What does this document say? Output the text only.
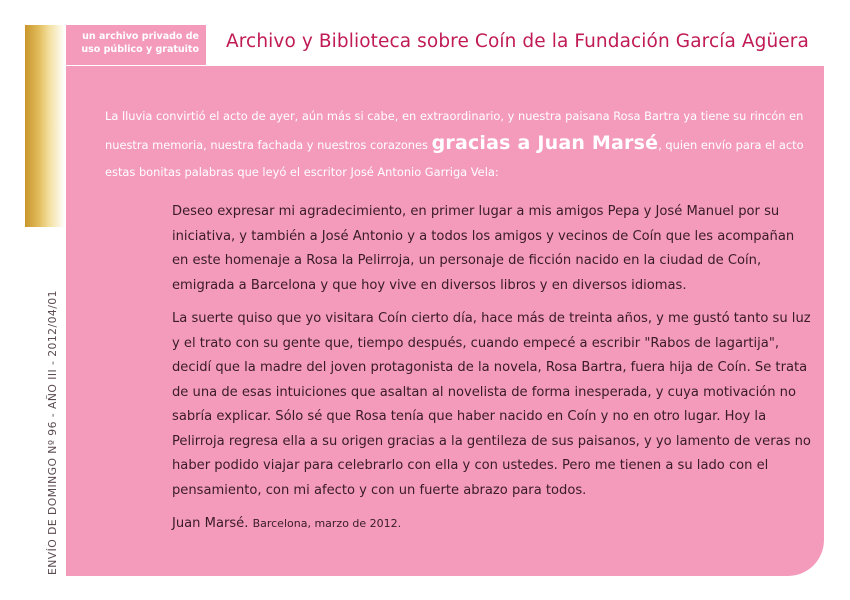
un archivo privado de
uso público y gratuito Archivo y Biblioteca sobre Coín de la Fundación García Agüera

La lluvia convirtió el acto de ayer, aún más si cabe, en extraordinario, y nuestra paisana Rosa Bartra ya tiene su rincón en nuestra memoria, nuestra fachada y nuestros corazones gracias a Juan Marsé, quien envío para el acto estas bonitas palabras que leyó el escritor José Antonio Garriga Vela:

Deseo expresar mi agradecimiento, en primer lugar a mis amigos Pepa y José Manuel por su iniciativa, y también a José Antonio y a todos los amigos y vecinos de Coín que les acompañan en este homenaje a Rosa la Pelirroja, un personaje de ficción nacido en la ciudad de Coín, emigrada a Barcelona y que hoy vive en diversos libros y en diversos idiomas.

La suerte quiso que yo visitara Coín cierto día, hace más de treinta años, y me gustó tanto su luz y el trato con su gente que, tiempo después, cuando empecé a escribir "Rabos de lagartija", decidí que la madre del joven protagonista de la novela, Rosa Bartra, fuera hija de Coín. Se trata de una de esas intuiciones que asaltan al novelista de forma inesperada, y cuya motivación no sabría explicar. Sólo sé que Rosa tenía que haber nacido en Coín y no en otro lugar. Hoy la Pelirroja regresa ella a su origen gracias a la gentileza de sus paisanos, y yo lamento de veras no haber podido viajar para celebrarlo con ella y con ustedes. Pero me tienen a su lado con el pensamiento, con mi afecto y con un fuerte abrazo para todos.

Juan Marsé. Barcelona, marzo de 2012.

ENVÍO DE DOMINGO Nº 96 - AÑO III - 2012/04/01
